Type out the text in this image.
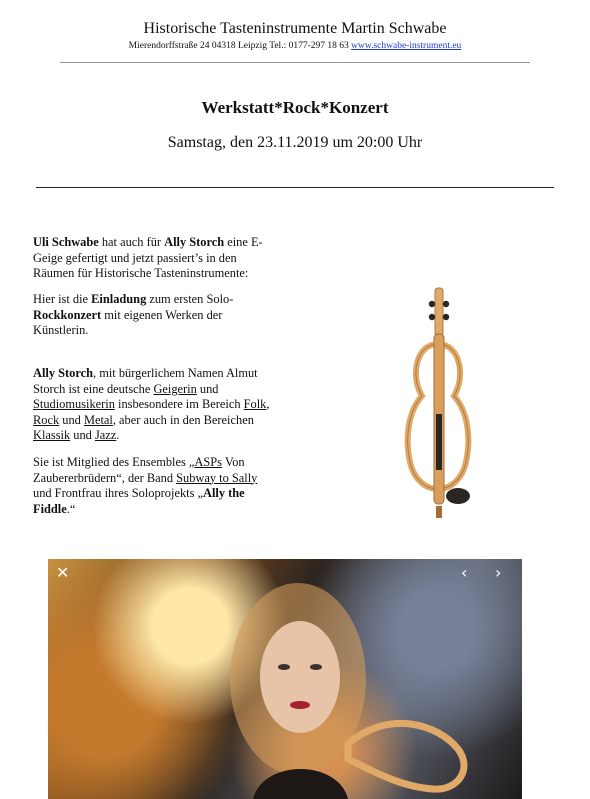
Historische Tasteninstrumente Martin Schwabe
Mierendorffstraße 24 04318 Leipzig Tel.: 0177-297 18 63 www.schwabe-instrument.eu
Werkstatt*Rock*Konzert
Samstag, den 23.11.2019 um 20:00 Uhr
Uli Schwabe hat auch für Ally Storch eine E-Geige gefertigt und jetzt passiert’s in den Räumen für Historische Tasteninstrumente:
Hier ist die Einladung zum ersten Solo-Rockkonzert mit eigenen Werken der Künstlerin.
Ally Storch, mit bürgerlichem Namen Almut Storch ist eine deutsche Geigerin und Studiomusikerin insbesondere im Bereich Folk, Rock und Metal, aber auch in den Bereichen Klassik und Jazz.
Sie ist Mitglied des Ensembles „ASPs Von Zaubererbrüdern“, der Band Subway to Sally und Frontfrau ihres Soloprojekts „Ally the Fiddle.“
✕	‹ ›
